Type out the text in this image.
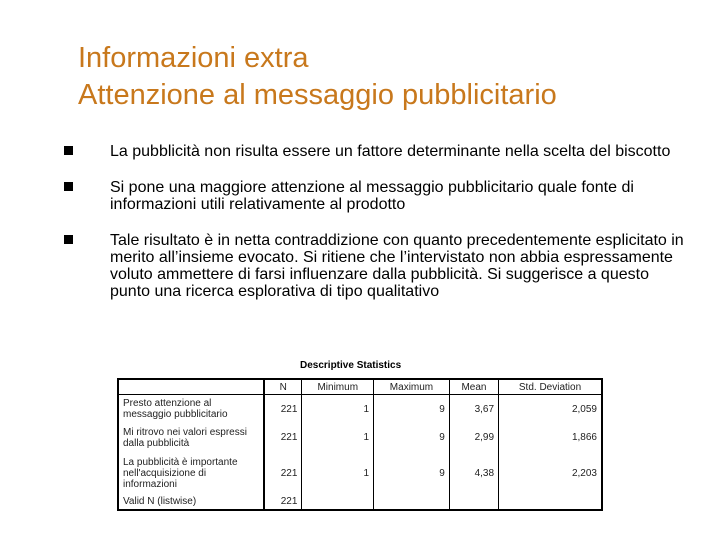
Informazioni extra
Attenzione al messaggio pubblicitario
La pubblicità non risulta essere un fattore determinante nella scelta del biscotto
Si pone una maggiore attenzione al messaggio pubblicitario quale fonte di informazioni utili relativamente al prodotto
Tale risultato è in netta contraddizione con quanto precedentemente esplicitato in merito all’insieme evocato. Si ritiene che l’intervistato non abbia espressamente voluto ammettere di farsi influenzare dalla pubblicità. Si suggerisce a questo punto una ricerca esplorativa di tipo qualitativo
Descriptive Statistics
	N	Minimum	Maximum	Mean	Std. Deviation
Presto attenzione al messaggio pubblicitario	221	1	9	3,67	2,059
Mi ritrovo nei valori espressi dalla pubblicità	221	1	9	2,99	1,866
La pubblicità è importante nell'acquisizione di informazioni	221	1	9	4,38	2,203
Valid N (listwise)	221				
